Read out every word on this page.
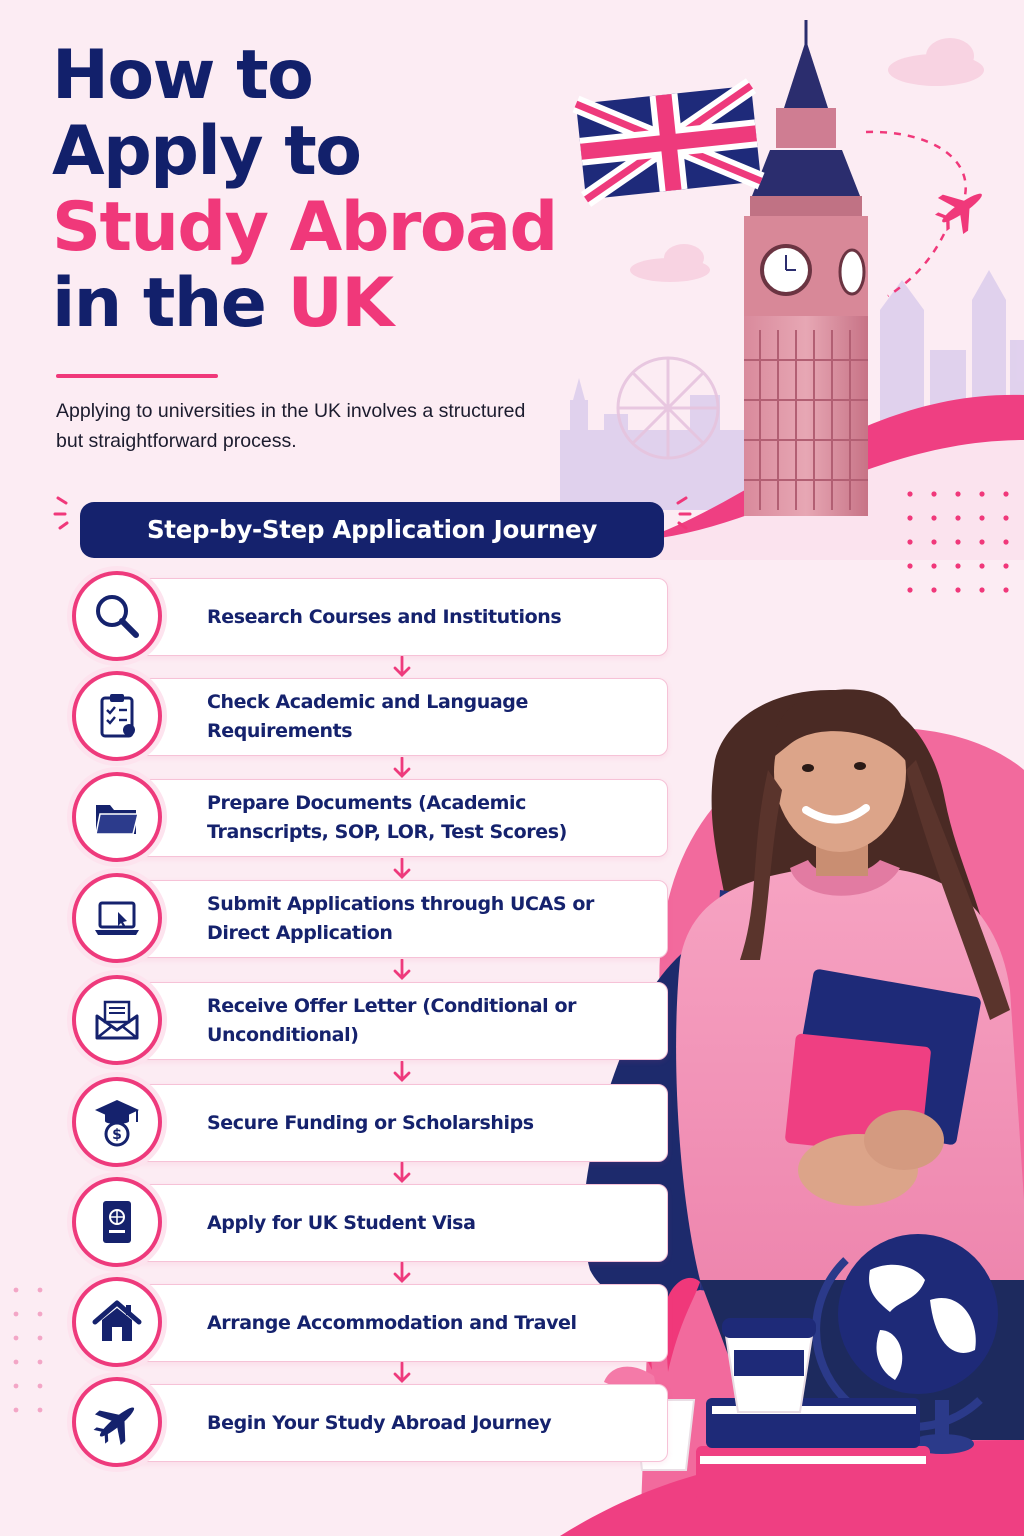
How to
Apply to
Study Abroad
in the UK

Applying to universities in the UK involves a structured but straightforward process.

Step-by-Step Application Journey

Research Courses and Institutions

Check Academic and Language Requirements

Prepare Documents (Academic Transcripts, SOP, LOR, Test Scores)

Submit Applications through UCAS or Direct Application

Receive Offer Letter (Conditional or Unconditional)

Secure Funding or Scholarships

Apply for UK Student Visa

Arrange Accommodation and Travel

Begin Your Study Abroad Journey

$
